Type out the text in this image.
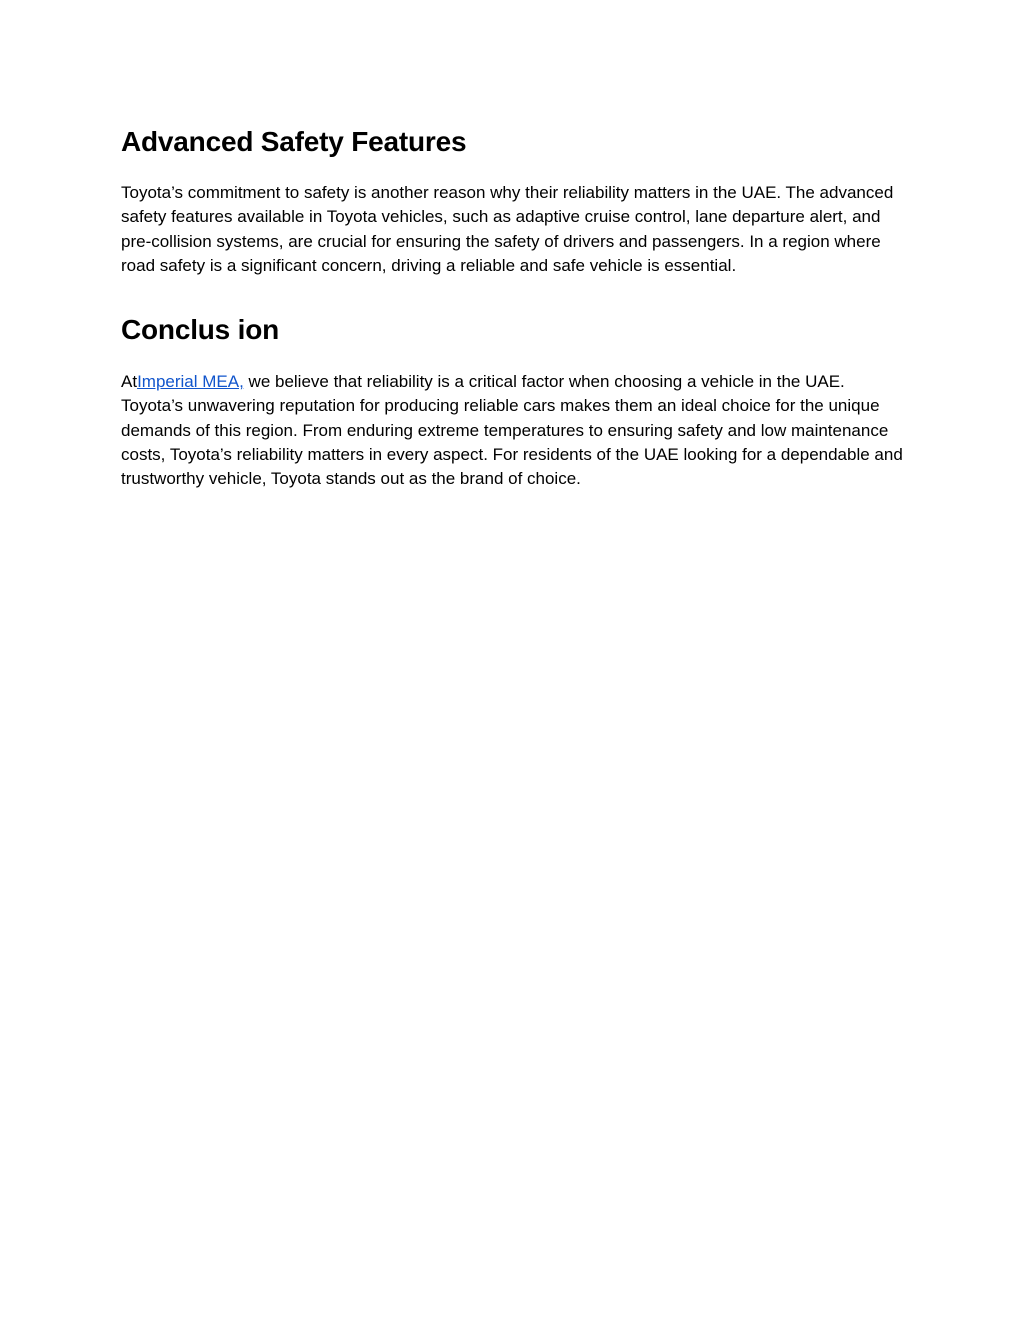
Advanced Safety Features

Toyota’s commitment to safety is another reason why their reliability matters in the UAE. The advanced safety features available in Toyota vehicles, such as adaptive cruise control, lane departure alert, and pre-collision systems, are crucial for ensuring the safety of drivers and passengers. In a region where road safety is a significant concern, driving a reliable and safe vehicle is essential.

Conclus ion

AtImperial MEA, we believe that reliability is a critical factor when choosing a vehicle in the UAE. Toyota’s unwavering reputation for producing reliable cars makes them an ideal choice for the unique demands of this region. From enduring extreme temperatures to ensuring safety and low maintenance costs, Toyota’s reliability matters in every aspect. For residents of the UAE looking for a dependable and trustworthy vehicle, Toyota stands out as the brand of choice.
